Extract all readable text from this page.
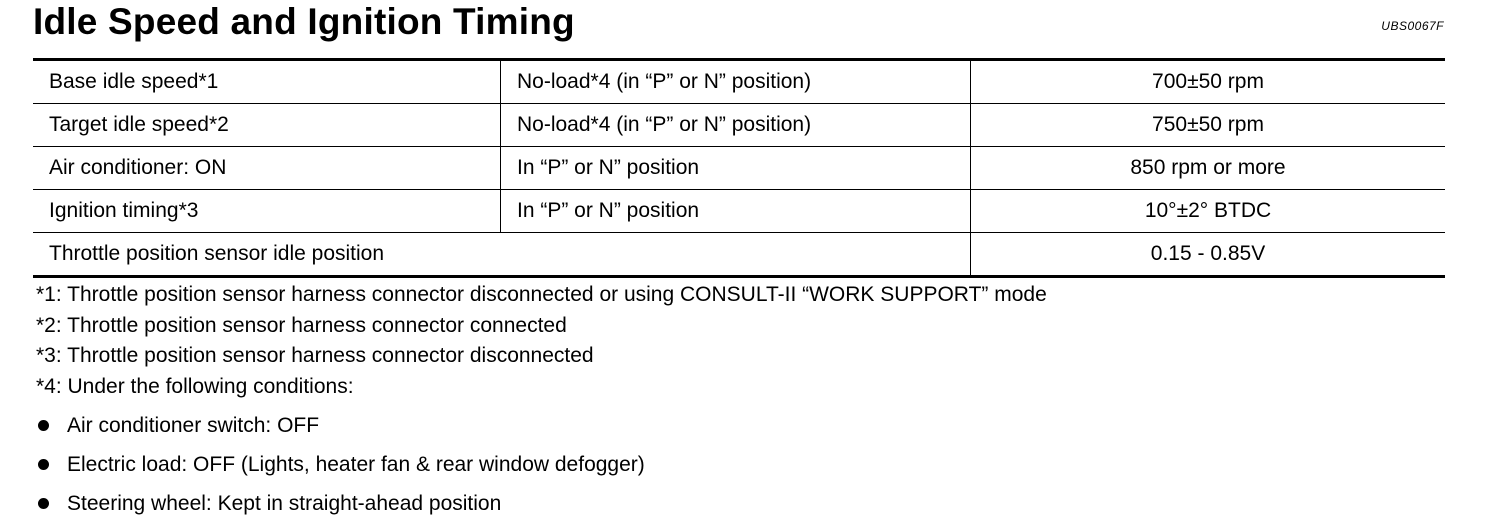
Idle Speed and Ignition Timing	UBS0067F
Base idle speed*1	No-load*4 (in “P” or N” position)	700±50 rpm
Target idle speed*2	No-load*4 (in “P” or N” position)	750±50 rpm
Air conditioner: ON	In “P” or N” position	850 rpm or more
Ignition timing*3	In “P” or N” position	10°±2° BTDC
Throttle position sensor idle position		0.15 - 0.85V
*1: Throttle position sensor harness connector disconnected or using CONSULT-II “WORK SUPPORT” mode
*2: Throttle position sensor harness connector connected
*3: Throttle position sensor harness connector disconnected
*4: Under the following conditions:
Air conditioner switch: OFF
Electric load: OFF (Lights, heater fan & rear window defogger)
Steering wheel: Kept in straight-ahead position
